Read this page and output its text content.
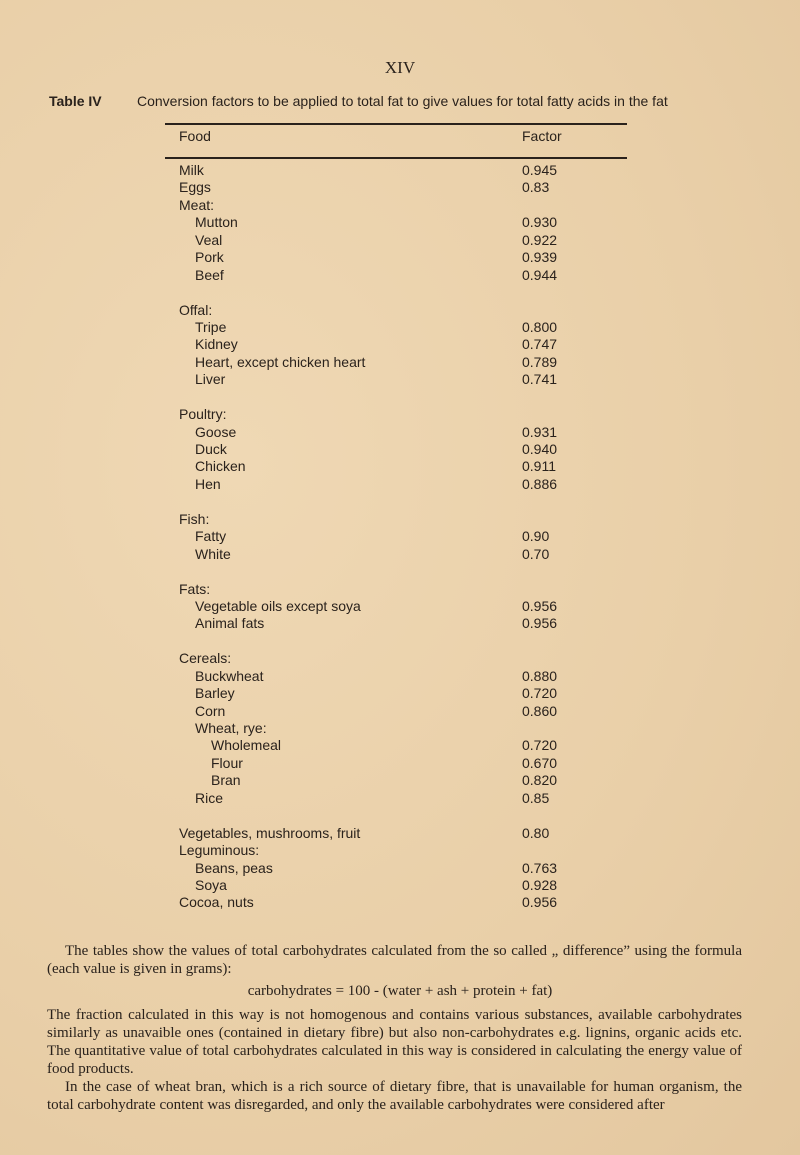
XIV
Table IV	Conversion factors to be applied to total fat to give values for total fatty acids in the fat
Food	Factor
Milk	0.945
Eggs	0.83
Meat:
Mutton	0.930
Veal	0.922
Pork	0.939
Beef	0.944
Offal:
Tripe	0.800
Kidney	0.747
Heart, except chicken heart	0.789
Liver	0.741
Poultry:
Goose	0.931
Duck	0.940
Chicken	0.911
Hen	0.886
Fish:
Fatty	0.90
White	0.70
Fats:
Vegetable oils except soya	0.956
Animal fats	0.956
Cereals:
Buckwheat	0.880
Barley	0.720
Corn	0.860
Wheat, rye:
Wholemeal	0.720
Flour	0.670
Bran	0.820
Rice	0.85
Vegetables, mushrooms, fruit	0.80
Leguminous:
Beans, peas	0.763
Soya	0.928
Cocoa, nuts	0.956
The tables show the values of total carbohydrates calculated from the so called „ difference” using the formula (each value is given in grams):
carbohydrates = 100 - (water + ash + protein + fat)
The fraction calculated in this way is not homogenous and contains various substances, available carbohydrates similarly as unavaible ones (contained in dietary fibre) but also non-carbohydrates e.g. lignins, organic acids etc. The quantitative value of total carbohydrates calculated in this way is considered in calculating the energy value of food products.
In the case of wheat bran, which is a rich source of dietary fibre, that is unavailable for human organism, the total carbohydrate content was disregarded, and only the available carbohydrates were considered after
